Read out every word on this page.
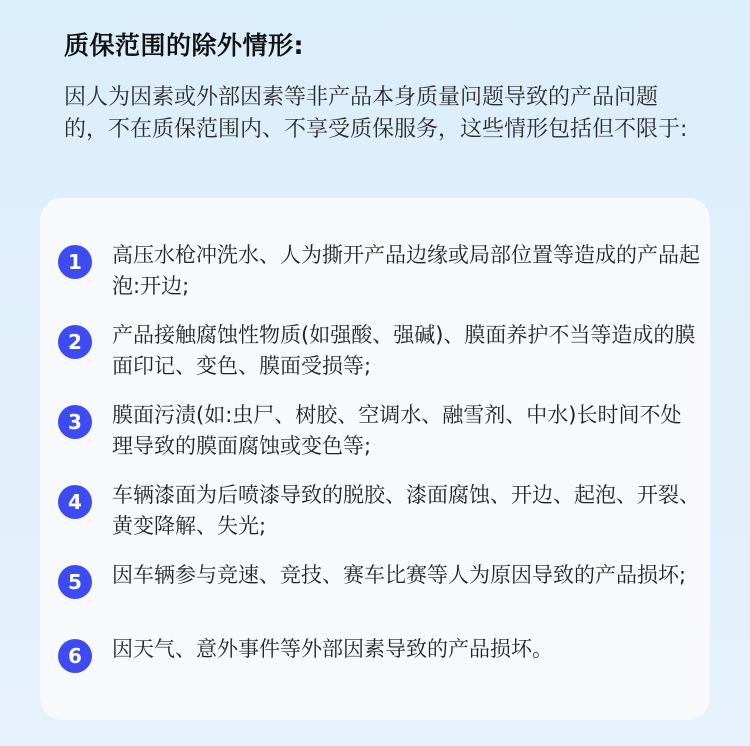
质保范围的除外情形:
因人为因素或外部因素等非产品本身质量问题导致的产品问题的，不在质保范围内、不享受质保服务，这些情形包括但不限于:
1	高压水枪冲洗水、人为撕开产品边缘或局部位置等造成的产品起泡:开边;
2	产品接触腐蚀性物质(如强酸、强碱)、膜面养护不当等造成的膜面印记、变色、膜面受损等;
3	膜面污渍(如:虫尸、树胶、空调水、融雪剂、中水)长时间不处理导致的膜面腐蚀或变色等;
4	车辆漆面为后喷漆导致的脱胶、漆面腐蚀、开边、起泡、开裂、黄变降解、失光;
5	因车辆参与竞速、竞技、赛车比赛等人为原因导致的产品损坏;
6	因天气、意外事件等外部因素导致的产品损坏。
